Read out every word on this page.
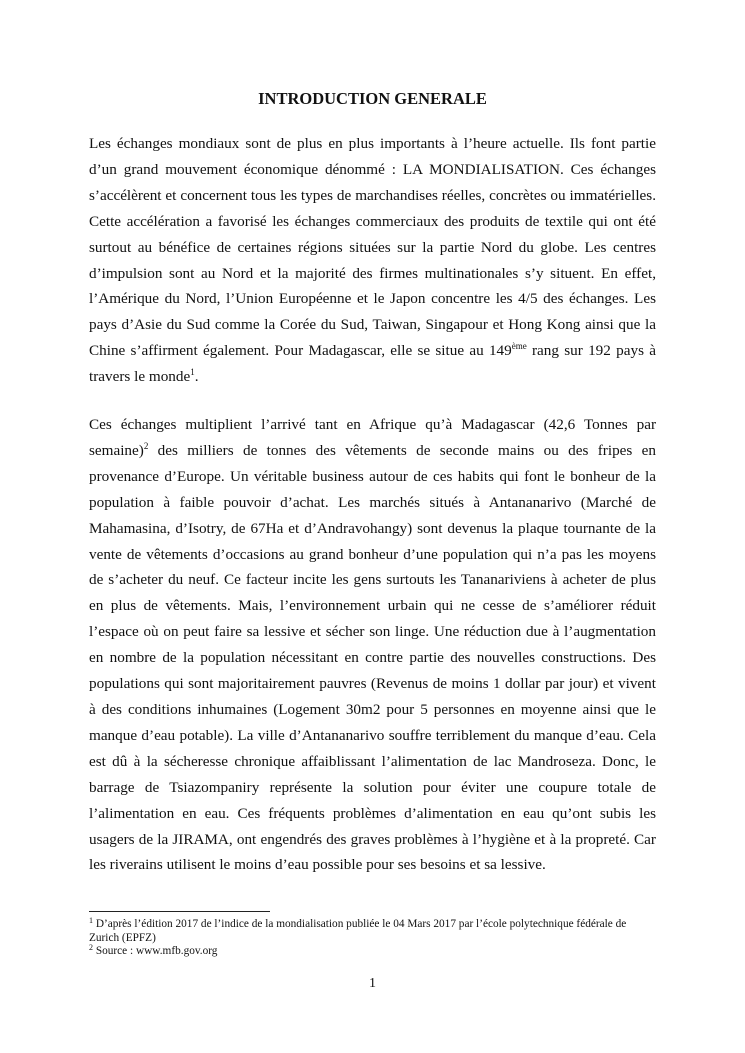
INTRODUCTION GENERALE

Les échanges mondiaux sont de plus en plus importants à l’heure actuelle. Ils font partie d’un grand mouvement économique dénommé : LA MONDIALISATION. Ces échanges s’accélèrent et concernent tous les types de marchandises réelles, concrètes ou immatérielles. Cette accélération a favorisé les échanges commerciaux des produits de textile qui ont été surtout au bénéfice de certaines régions situées sur la partie Nord du globe. Les centres d’impulsion sont au Nord et la majorité des firmes multinationales s’y situent. En effet, l’Amérique du Nord, l’Union Européenne et le Japon concentre les 4/5 des échanges. Les pays d’Asie du Sud comme la Corée du Sud, Taiwan, Singapour et Hong Kong ainsi que la Chine s’affirment également. Pour Madagascar, elle se situe au 149ème rang sur 192 pays à travers le monde$^1$.

Ces échanges multiplient l’arrivé tant en Afrique qu’à Madagascar (42,6 Tonnes par semaine)$^2$ des milliers de tonnes des vêtements de seconde mains ou des fripes en provenance d’Europe. Un véritable business autour de ces habits qui font le bonheur de la population à faible pouvoir d’achat. Les marchés situés à Antananarivo (Marché de Mahamasina, d’Isotry, de 67Ha et d’Andravohangy) sont devenus la plaque tournante de la vente de vêtements d’occasions au grand bonheur d’une population qui n’a pas les moyens de s’acheter du neuf. Ce facteur incite les gens surtouts les Tananariviens à acheter de plus en plus de vêtements. Mais, l’environnement urbain qui ne cesse de s’améliorer réduit l’espace où on peut faire sa lessive et sécher son linge. Une réduction due à l’augmentation en nombre de la population nécessitant en contre partie des nouvelles constructions. Des populations qui sont majoritairement pauvres (Revenus de moins 1 dollar par jour) et vivent à des conditions inhumaines (Logement 30m2 pour 5 personnes en moyenne ainsi que le manque d’eau potable). La ville d’Antananarivo souffre terriblement du manque d’eau. Cela est dû à la sécheresse chronique affaiblissant l’alimentation de lac Mandroseza. Donc, le barrage de Tsiazompaniry représente la solution pour éviter une coupure totale de l’alimentation en eau. Ces fréquents problèmes d’alimentation en eau qu’ont subis les usagers de la JIRAMA, ont engendrés des graves problèmes à l’hygiène et à la propreté. Car les riverains utilisent le moins d’eau possible pour ses besoins et sa lessive.

$^1$ D’après l’édition 2017 de l’indice de la mondialisation publiée le 04 Mars 2017 par l’école polytechnique fédérale de Zurich (EPFZ)

$^2$ Source : www.mfb.gov.org

1
